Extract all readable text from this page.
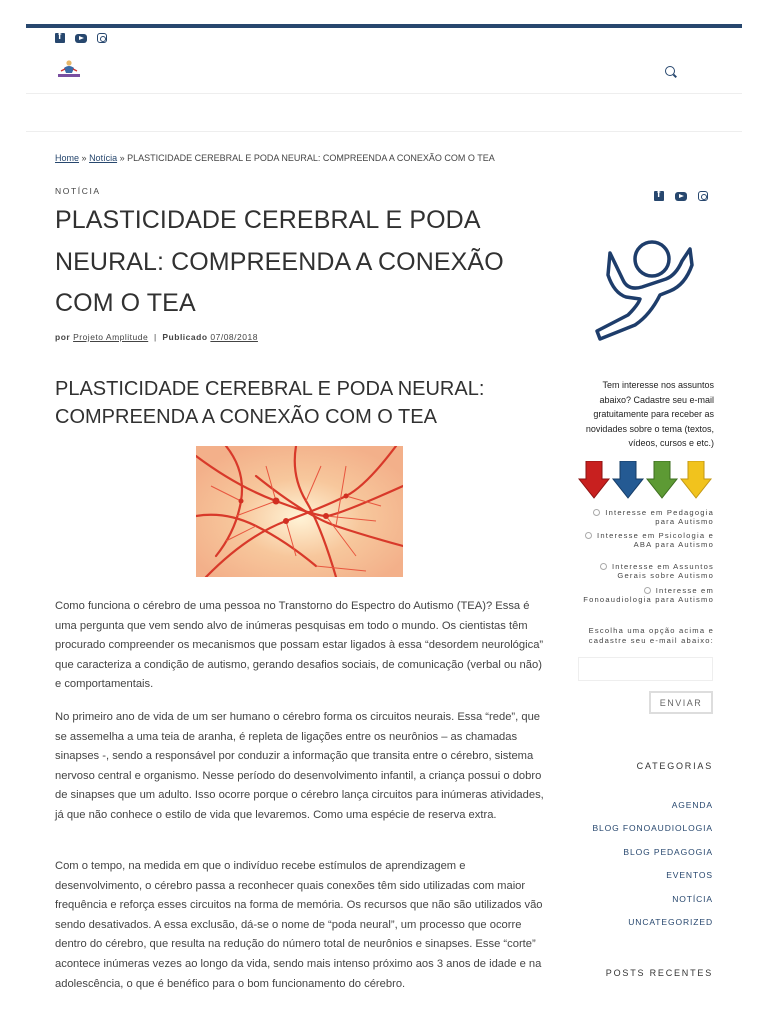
f
Home » Notícia » PLASTICIDADE CEREBRAL E PODA NEURAL: COMPREENDA A CONEXÃO COM O TEA
NOTÍCIA
PLASTICIDADE CEREBRAL E PODA NEURAL: COMPREENDA A CONEXÃO COM O TEA
por Projeto Amplitude | Publicado 07/08/2018
PLASTICIDADE CEREBRAL E PODA NEURAL: COMPREENDA A CONEXÃO COM O TEA

Como funciona o cérebro de uma pessoa no Transtorno do Espectro do Autismo (TEA)? Essa é uma pergunta que vem sendo alvo de inúmeras pesquisas em todo o mundo. Os cientistas têm procurado compreender os mecanismos que possam estar ligados à essa “desordem neurológica” que caracteriza a condição de autismo, gerando desafios sociais, de comunicação (verbal ou não) e comportamentais.

No primeiro ano de vida de um ser humano o cérebro forma os circuitos neurais. Essa “rede”, que se assemelha a uma teia de aranha, é repleta de ligações entre os neurônios – as chamadas sinapses -, sendo a responsável por conduzir a informação que transita entre o cérebro, sistema nervoso central e organismo. Nesse período do desenvolvimento infantil, a criança possui o dobro de sinapses que um adulto. Isso ocorre porque o cérebro lança circuitos para inúmeras atividades, já que não conhece o estilo de vida que levaremos. Como uma espécie de reserva extra.

Com o tempo, na medida em que o indivíduo recebe estímulos de aprendizagem e desenvolvimento, o cérebro passa a reconhecer quais conexões têm sido utilizadas com maior frequência e reforça esses circuitos na forma de memória. Os recursos que não são utilizados vão sendo desativados. A essa exclusão, dá-se o nome de “poda neural”, um processo que ocorre dentro do cérebro, que resulta na redução do número total de neurônios e sinapses. Esse “corte” acontece inúmeras vezes ao longo da vida, sendo mais intenso próximo aos 3 anos de idade e na adolescência, o que é benéfico para o bom funcionamento do cérebro.

f

Tem interesse nos assuntos abaixo? Cadastre seu e-mail gratuitamente para receber as novidades sobre o tema (textos, vídeos, cursos e etc.)

Interesse em Pedagogia para Autismo
Interesse em Psicologia e ABA para Autismo
Interesse em Assuntos Gerais sobre Autismo
Interesse em Fonoaudiologia para Autismo
Escolha uma opção acima e cadastre seu e-mail abaixo:
ENVIAR
CATEGORIAS
AGENDA
BLOG FONOAUDIOLOGIA
BLOG PEDAGOGIA
EVENTOS
NOTÍCIA
UNCATEGORIZED
POSTS RECENTES
